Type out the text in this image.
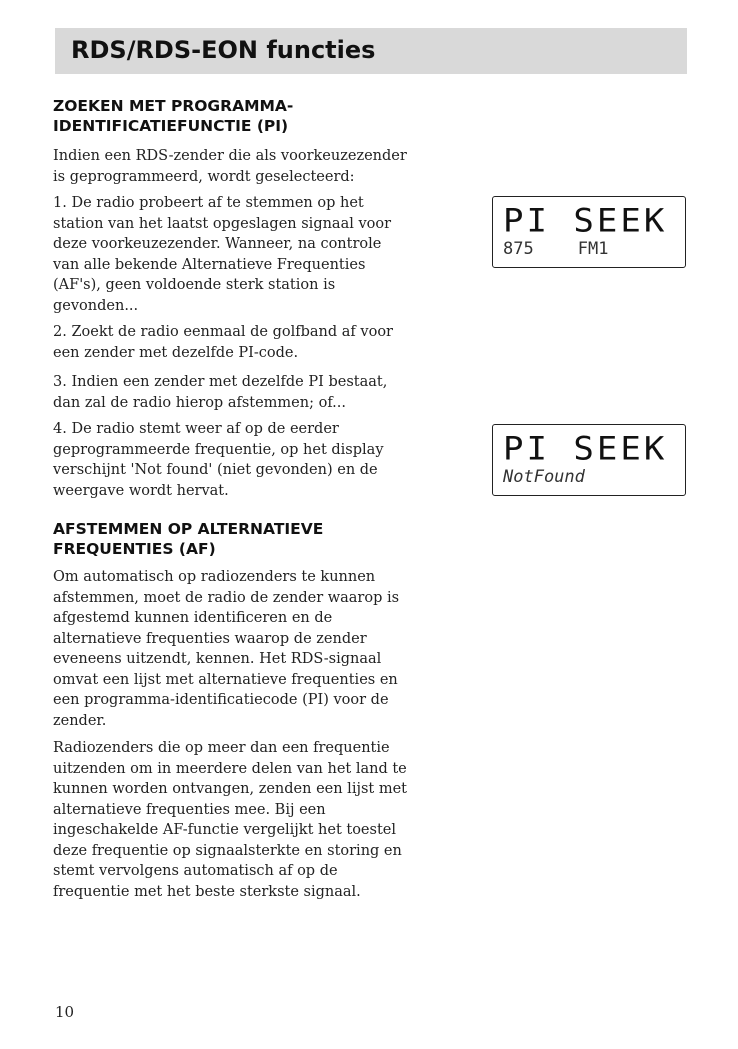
RDS/RDS-EON functies

ZOEKEN MET PROGRAMMA-

IDENTIFICATIEFUNCTIE (PI)

Indien een RDS-zender die als voorkeuzezender

is geprogrammeerd, wordt geselecteerd:

1. De radio probeert af te stemmen op het

station van het laatst opgeslagen signaal voor

deze voorkeuzezender. Wanneer, na controle

van alle bekende Alternatieve Frequenties

(AF's), geen voldoende sterk station is

gevonden...

2. Zoekt de radio eenmaal de golfband af voor

een zender met dezelfde PI-code.

3. Indien een zender met dezelfde PI bestaat,

dan zal de radio hierop afstemmen; of...

4. De radio stemt weer af op de eerder

geprogrammeerde frequentie, op het display

verschijnt 'Not found' (niet gevonden) en de

weergave wordt hervat.

PI SEEK
875	FM1
PI SEEK
NotFound

AFSTEMMEN OP ALTERNATIEVE

FREQUENTIES (AF)

Om automatisch op radiozenders te kunnen

afstemmen, moet de radio de zender waarop is

afgestemd kunnen identificeren en de

alternatieve frequenties waarop de zender

eveneens uitzendt, kennen. Het RDS-signaal

omvat een lijst met alternatieve frequenties en

een programma-identificatiecode (PI) voor de

zender.

Radiozenders die op meer dan een frequentie

uitzenden om in meerdere delen van het land te

kunnen worden ontvangen, zenden een lijst met

alternatieve frequenties mee. Bij een

ingeschakelde AF-functie vergelijkt het toestel

deze frequentie op signaalsterkte en storing en

stemt vervolgens automatisch af op de

frequentie met het beste sterkste signaal.

10
